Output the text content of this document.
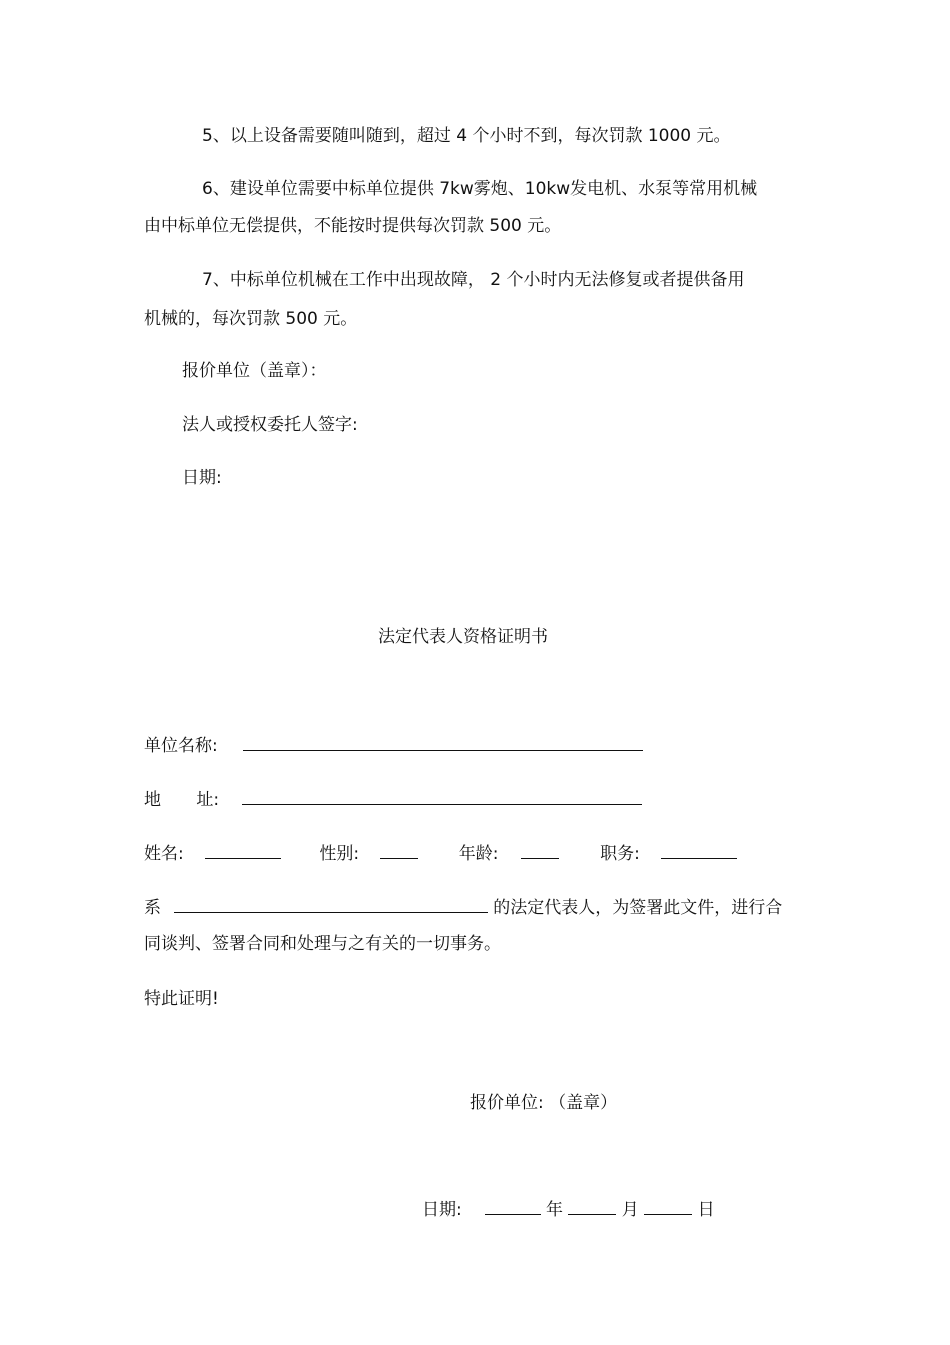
5、以上设备需要随叫随到，超过 4 个小时不到，每次罚款 1000 元。
6、建设单位需要中标单位提供 7kw雾炮、10kw发电机、水泵等常用机械
由中标单位无偿提供，不能按时提供每次罚款 500 元。
7、中标单位机械在工作中出现故障， 2 个小时内无法修复或者提供备用
机械的，每次罚款 500 元。
报价单位（盖章）：
法人或授权委托人签字:
日期:
法定代表人资格证明书
单位名称:
地 址:
姓名:	性别:	年龄:	职务:
系	的法定代表人，为签署此文件，进行合
同谈判、签署合同和处理与之有关的一切事务。
特此证明!
报价单位: （盖章）
日期:	年	月	日
